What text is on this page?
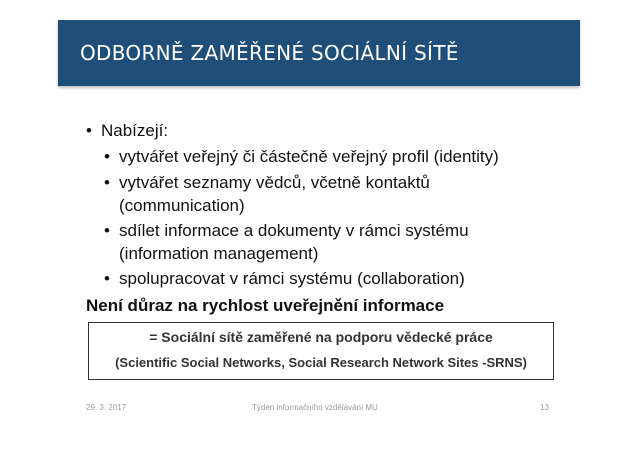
ODBORNĚ ZAMĚŘENÉ SOCIÁLNÍ SÍTĚ
• Nabízejí:
• vytvářet veřejný či částečně veřejný profil (identity)
• vytvářet seznamy vědců, včetně kontaktů
(communication)
• sdílet informace a dokumenty v rámci systému
(information management)
• spolupracovat v rámci systému (collaboration)
Není důraz na rychlost uveřejnění informace
= Sociální sítě zaměřené na podporu vědecké práce
(Scientific Social Networks, Social Research Network Sites -SRNS)
29. 3. 2017	Týden informačního vzdělávání MU	13
